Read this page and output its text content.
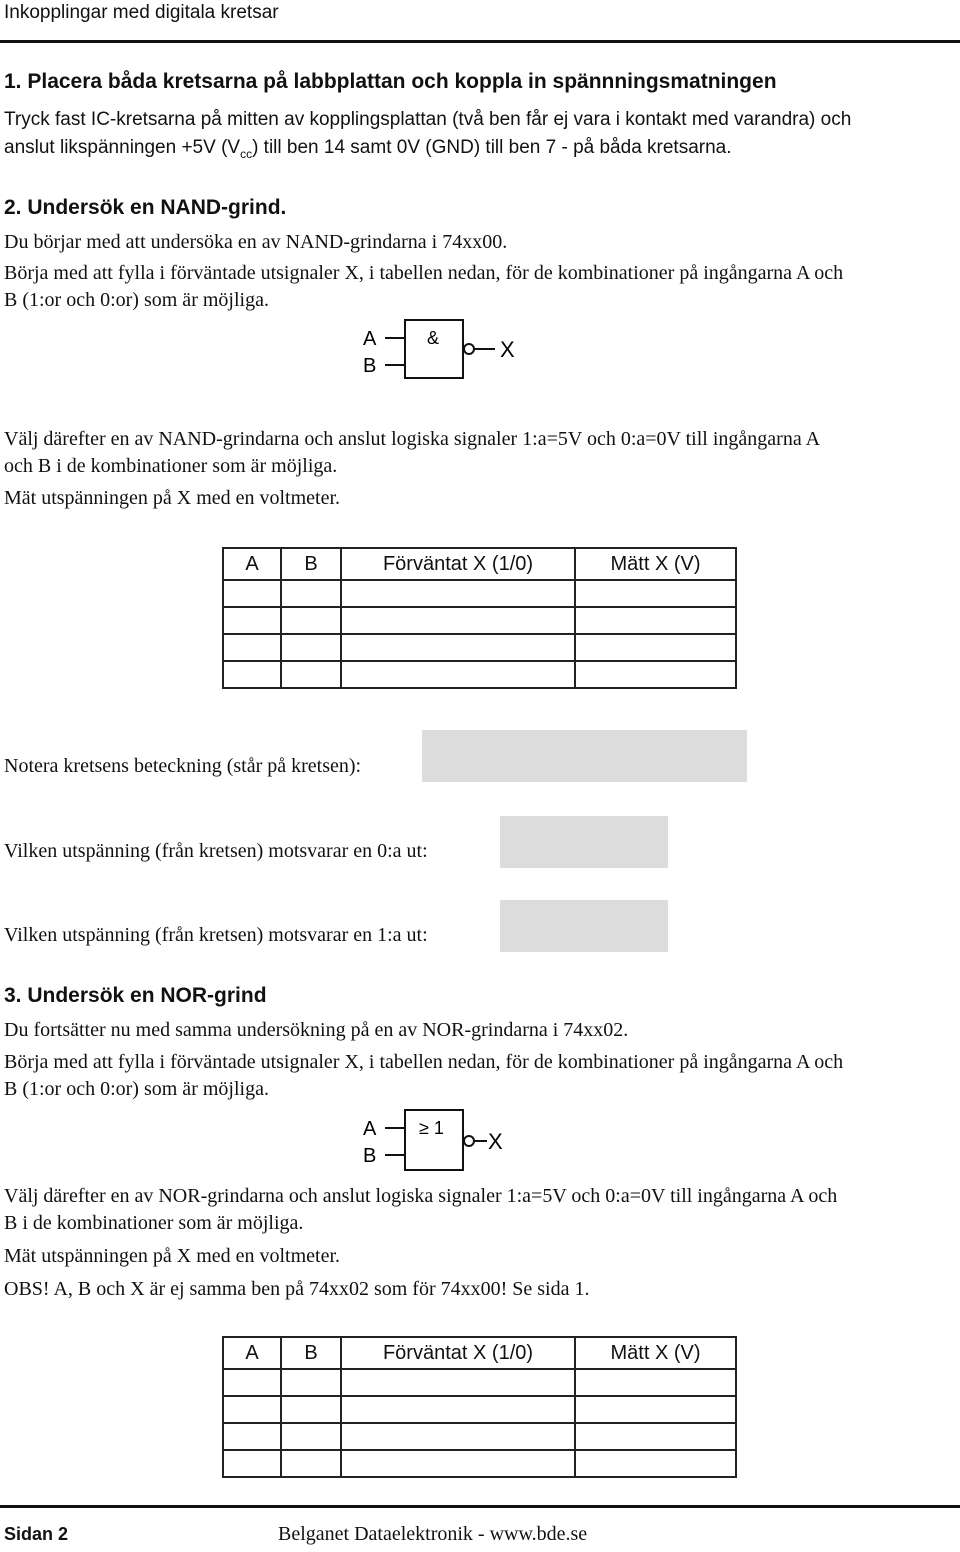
Inkopplingar med digitala kretsar
1. Placera båda kretsarna på labbplattan och koppla in spännningsmatningen
Tryck fast IC-kretsarna på mitten av kopplingsplattan (två ben får ej vara i kontakt med varandra) och
anslut likspänningen +5V $(V_{cc})$ till ben 14 samt 0V (GND) till ben 7 - på båda kretsarna.
2. Undersök en NAND-grind.
Du börjar med att undersöka en av NAND-grindarna i 74xx00.
Börja med att fylla i förväntade utsignaler X, i tabellen nedan, för de kombinationer på ingångarna A och
B (1:or och 0:or) som är möjliga.
A
B
&	X
Välj därefter en av NAND-grindarna och anslut logiska signaler 1:a=5V och 0:a=0V till ingångarna A
och B i de kombinationer som är möjliga.
Mät utspänningen på X med en voltmeter.
A	B	Förväntat X (1/0)	Mätt X (V)

Notera kretsens beteckning (står på kretsen):
Vilken utspänning (från kretsen) motsvarar en 0:a ut:
Vilken utspänning (från kretsen) motsvarar en 1:a ut:
3. Undersök en NOR-grind
Du fortsätter nu med samma undersökning på en av NOR-grindarna i 74xx02.
Börja med att fylla i förväntade utsignaler X, i tabellen nedan, för de kombinationer på ingångarna A och
B (1:or och 0:or) som är möjliga.
A
B
≥ 1
X
Välj därefter en av NOR-grindarna och anslut logiska signaler 1:a=5V och 0:a=0V till ingångarna A och
B i de kombinationer som är möjliga.
Mät utspänningen på X med en voltmeter.
OBS! A, B och X är ej samma ben på 74xx02 som för 74xx00! Se sida 1.
A	B	Förväntat X (1/0)	Mätt X (V)

Sidan 2	Belganet Dataelektronik - www.bde.se
